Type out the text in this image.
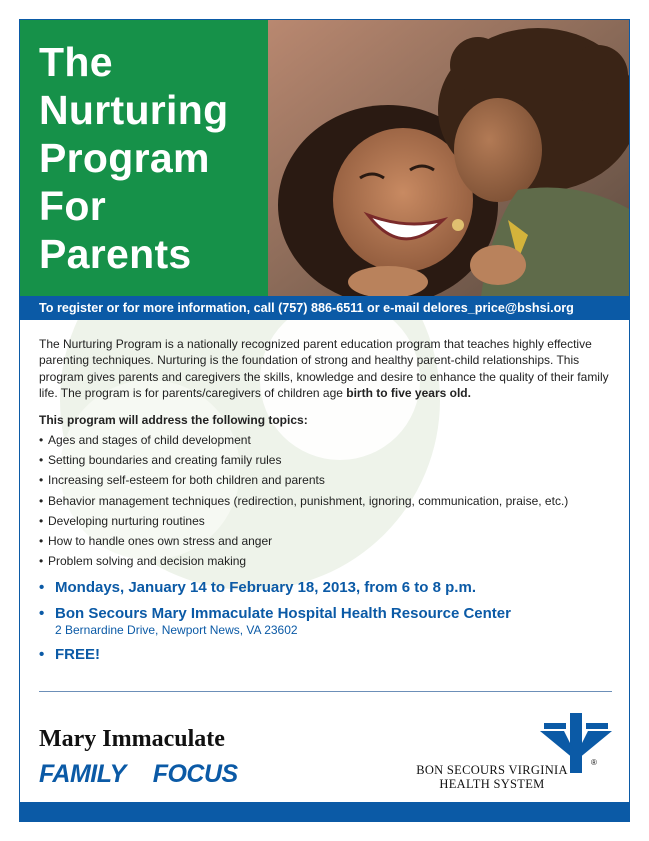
The
Nurturing
Program
For
Parents
To register or for more information, call (757) 886-6511 or e-mail delores_price@bshsi.org

The Nurturing Program is a nationally recognized parent education program that teaches highly effective parenting techniques. Nurturing is the foundation of strong and healthy parent-child relationships. This program gives parents and caregivers the skills, knowledge and desire to enhance the quality of their family life. The program is for parents/caregivers of children age birth to five years old.

This program will address the following topics:
• Ages and stages of child development
• Setting boundaries and creating family rules
• Increasing self-esteem for both children and parents
• Behavior management techniques (redirection, punishment, ignoring, communication, praise, etc.)
• Developing nurturing routines
• How to handle ones own stress and anger
• Problem solving and decision making
• Mondays, January 14 to February 18, 2013, from 6 to 8 p.m.
• Bon Secours Mary Immaculate Hospital Health Resource Center
2 Bernardine Drive, Newport News, VA 23602
• FREE!
Mary Immaculate
FAMILY FOCUS	BON SECOURS VIRGINIA
HEALTH SYSTEM
®
